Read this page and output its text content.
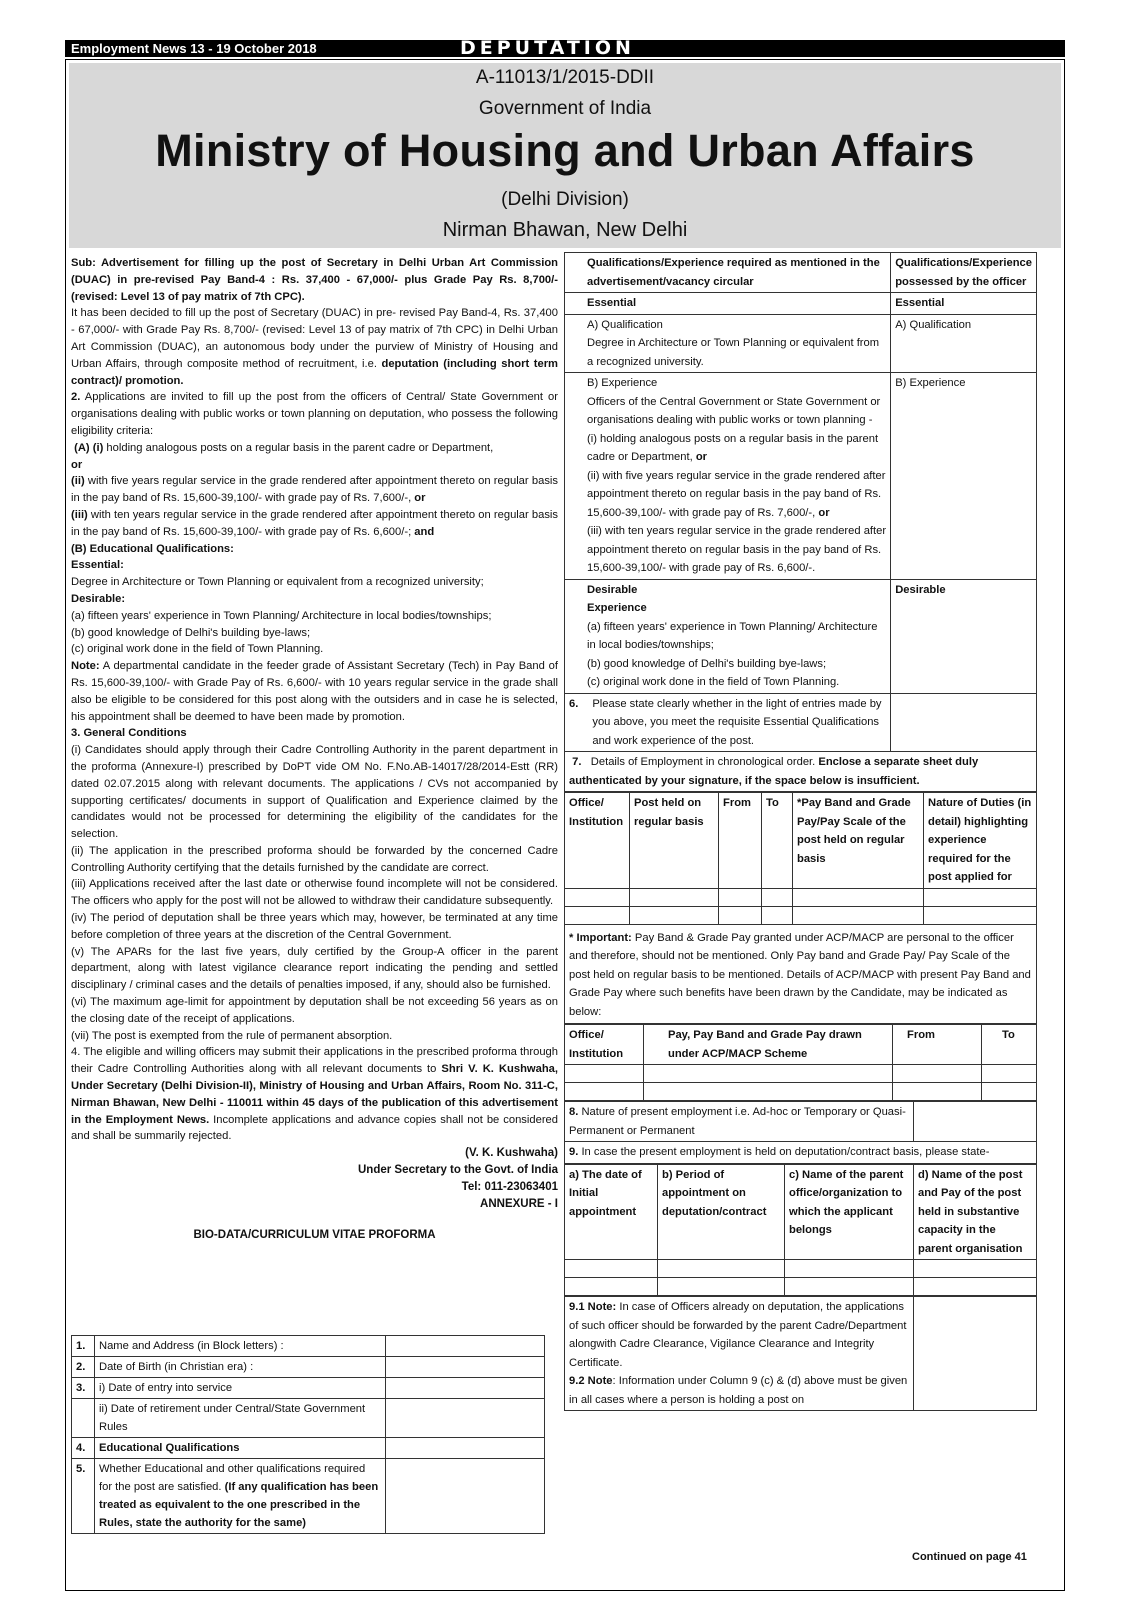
Employment News 13 - 19 October 2018	DEPUTATION
www.employmentnews.gov.in 39
A-11013/1/2015-DDII
Government of India
Ministry of Housing and Urban Affairs
(Delhi Division)
Nirman Bhawan, New Delhi

Sub: Advertisement for filling up the post of Secretary in Delhi Urban Art Commission (DUAC) in pre-revised Pay Band-4 : Rs. 37,400 - 67,000/- plus Grade Pay Rs. 8,700/- (revised: Level 13 of pay matrix of 7th CPC).

It has been decided to fill up the post of Secretary (DUAC) in pre- revised Pay Band-4, Rs. 37,400 - 67,000/- with Grade Pay Rs. 8,700/- (revised: Level 13 of pay matrix of 7th CPC) in Delhi Urban Art Commission (DUAC), an autonomous body under the purview of Ministry of Housing and Urban Affairs, through composite method of recruitment, i.e. deputation (including short term contract)/ promotion.

2. Applications are invited to fill up the post from the officers of Central/ State Government or organisations dealing with public works or town planning on deputation, who possess the following eligibility criteria:

(A) (i) holding analogous posts on a regular basis in the parent cadre or Department,

or

(ii) with five years regular service in the grade rendered after appointment thereto on regular basis in the pay band of Rs. 15,600-39,100/- with grade pay of Rs. 7,600/-, or

(iii) with ten years regular service in the grade rendered after appointment thereto on regular basis in the pay band of Rs. 15,600-39,100/- with grade pay of Rs. 6,600/-; and

(B) Educational Qualifications:

Essential:

Degree in Architecture or Town Planning or equivalent from a recognized university;

Desirable:

(a) fifteen years' experience in Town Planning/ Architecture in local bodies/townships;

(b) good knowledge of Delhi's building bye-laws;

(c) original work done in the field of Town Planning.

Note: A departmental candidate in the feeder grade of Assistant Secretary (Tech) in Pay Band of Rs. 15,600-39,100/- with Grade Pay of Rs. 6,600/- with 10 years regular service in the grade shall also be eligible to be considered for this post along with the outsiders and in case he is selected, his appointment shall be deemed to have been made by promotion.

3. General Conditions

(i) Candidates should apply through their Cadre Controlling Authority in the parent department in the proforma (Annexure-I) prescribed by DoPT vide OM No. F.No.AB-14017/28/2014-Estt (RR) dated 02.07.2015 along with relevant documents. The applications / CVs not accompanied by supporting certificates/ documents in support of Qualification and Experience claimed by the candidates would not be processed for determining the eligibility of the candidates for the selection.

(ii) The application in the prescribed proforma should be forwarded by the concerned Cadre Controlling Authority certifying that the details furnished by the candidate are correct.

(iii) Applications received after the last date or otherwise found incomplete will not be considered. The officers who apply for the post will not be allowed to withdraw their candidature subsequently.

(iv) The period of deputation shall be three years which may, however, be terminated at any time before completion of three years at the discretion of the Central Government.

(v) The APARs for the last five years, duly certified by the Group-A officer in the parent department, along with latest vigilance clearance report indicating the pending and settled disciplinary / criminal cases and the details of penalties imposed, if any, should also be furnished.

(vi) The maximum age-limit for appointment by deputation shall be not exceeding 56 years as on the closing date of the receipt of applications.

(vii) The post is exempted from the rule of permanent absorption.

4. The eligible and willing officers may submit their applications in the prescribed proforma through their Cadre Controlling Authorities along with all relevant documents to Shri V. K. Kushwaha, Under Secretary (Delhi Division-II), Ministry of Housing and Urban Affairs, Room No. 311-C, Nirman Bhawan, New Delhi - 110011 within 45 days of the publication of this advertisement in the Employment News. Incomplete applications and advance copies shall not be considered and shall be summarily rejected.

(V. K. Kushwaha)
Under Secretary to the Govt. of India
Tel: 011-23063401
ANNEXURE - I
BIO-DATA/CURRICULUM VITAE PROFORMA
1.	Name and Address (in Block letters) :	
2.	Date of Birth (in Christian era) :	
3.	i) Date of entry into service	
	ii) Date of retirement under Central/State Government Rules	
4.	Educational Qualifications	
5.	Whether Educational and other qualifications required for the post are satisfied. (If any qualification has been treated as equivalent to the one prescribed in the Rules, state the authority for the same)	
Qualifications/Experience required as mentioned in the advertisement/vacancy circular	Qualifications/Experience possessed by the officer
Essential	Essential

A) Qualification
Degree in Architecture or Town Planning or equivalent from a recognized university.	A) Qualification

B) Experience
Officers of the Central Government or State Government or organisations dealing with public works or town planning -
(i) holding analogous posts on a regular basis in the parent cadre or Department, or
(ii) with five years regular service in the grade rendered after appointment thereto on regular basis in the pay band of Rs. 15,600-39,100/- with grade pay of Rs. 7,600/-, or
(iii) with ten years regular service in the grade rendered after appointment thereto on regular basis in the pay band of Rs. 15,600-39,100/- with grade pay of Rs. 6,600/-.	B) Experience

Desirable
Experience
(a) fifteen years' experience in Town Planning/ Architecture in local bodies/townships;
(b) good knowledge of Delhi's building bye-laws;
(c) original work done in the field of Town Planning.	Desirable

6. Please state clearly whether in the light of entries made by you above, you meet the requisite Essential Qualifications and work experience of the post.	

7. Details of Employment in chronological order. Enclose a separate sheet duly authenticated by your signature, if the space below is insufficient.	
Office/ Institution	Post held on regular basis	From	To	*Pay Band and Grade Pay/Pay Scale of the post held on regular basis	Nature of Duties (in detail) highlighting experience required for the post applied for

* Important: Pay Band & Grade Pay granted under ACP/MACP are personal to the officer and therefore, should not be mentioned. Only Pay band and Grade Pay/ Pay Scale of the post held on regular basis to be mentioned. Details of ACP/MACP with present Pay Band and Grade Pay where such benefits have been drawn by the Candidate, may be indicated as below:
Office/ Institution	Pay, Pay Band and Grade Pay drawn under ACP/MACP Scheme	From	To

8. Nature of present employment i.e. Ad-hoc or Temporary or Quasi-Permanent or Permanent	
9. In case the present employment is held on deputation/contract basis, please state-
a) The date of Initial appointment	b) Period of appointment on deputation/contract	c) Name of the parent office/organization to which the applicant belongs	d) Name of the post and Pay of the post held in substantive capacity in the parent organisation

9.1 Note: In case of Officers already on deputation, the applications of such officer should be forwarded by the parent Cadre/Department alongwith Cadre Clearance, Vigilance Clearance and Integrity Certificate.
9.2 Note: Information under Column 9 (c) & (d) above must be given in all cases where a person is holding a post on

Continued on page 41
